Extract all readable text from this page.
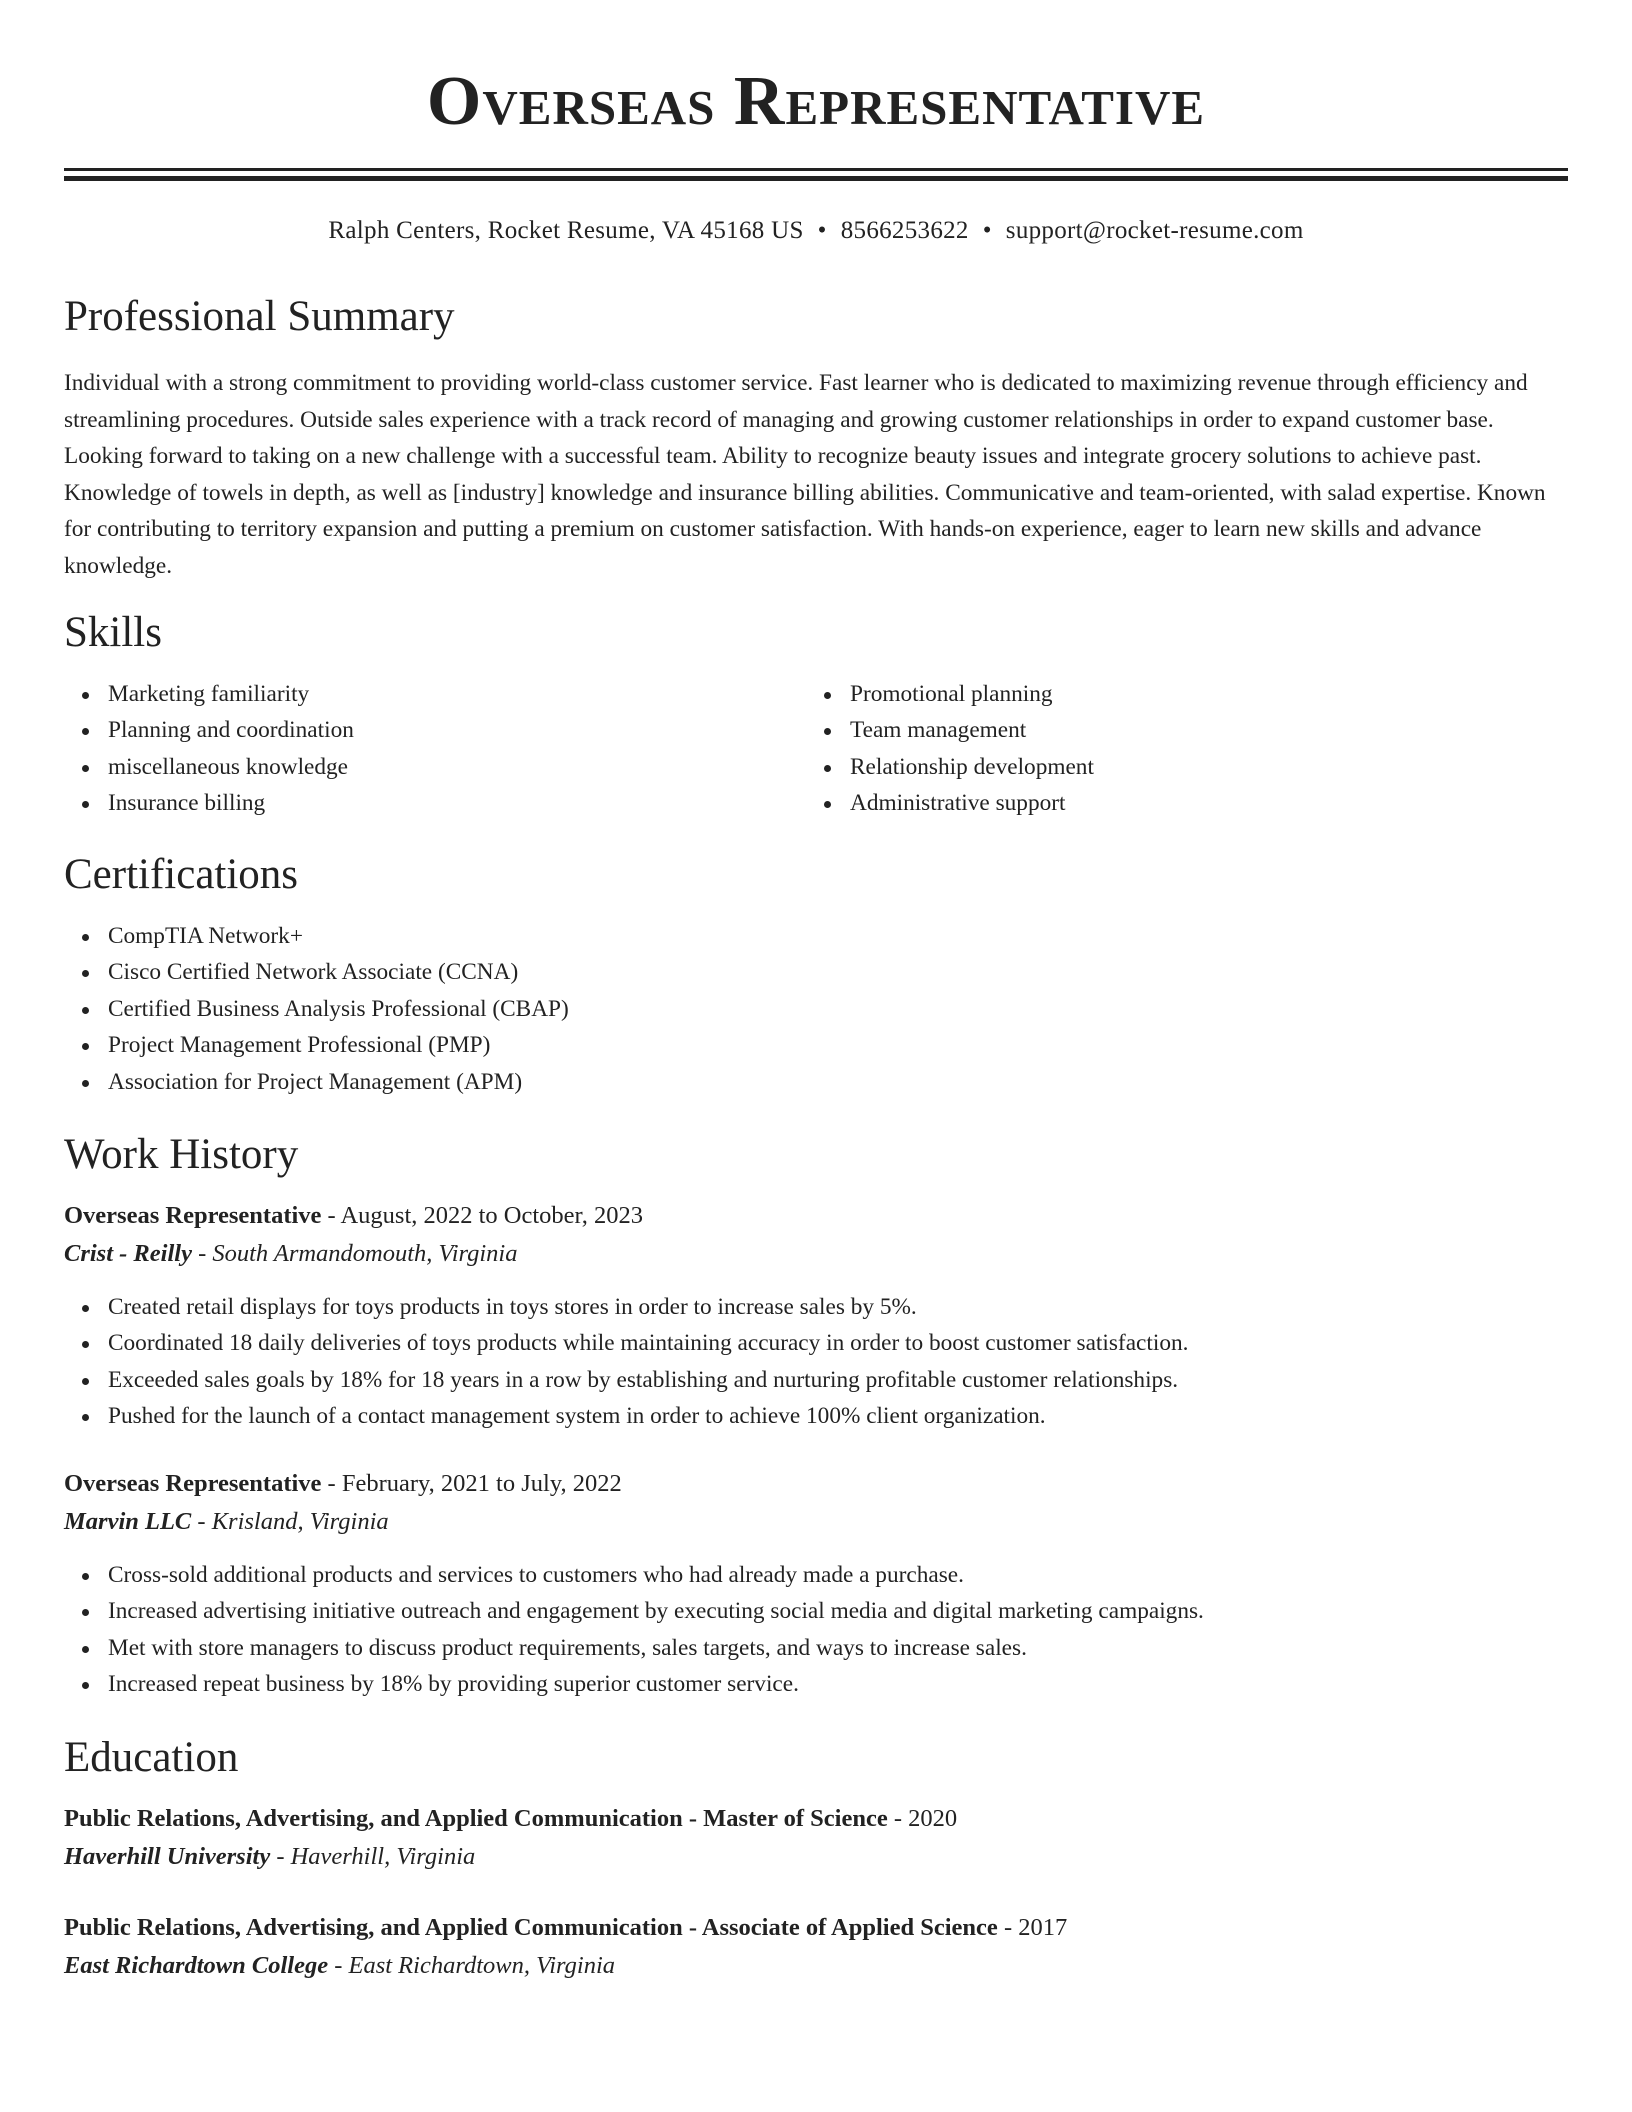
Overseas Representative
Ralph Centers, Rocket Resume, VA 45168 US • 8566253622 • support@rocket-resume.com
Professional Summary
Individual with a strong commitment to providing world-class customer service. Fast learner who is dedicated to maximizing revenue through efficiency and streamlining procedures. Outside sales experience with a track record of managing and growing customer relationships in order to expand customer base. Looking forward to taking on a new challenge with a successful team. Ability to recognize beauty issues and integrate grocery solutions to achieve past. Knowledge of towels in depth, as well as [industry] knowledge and insurance billing abilities. Communicative and team-oriented, with salad expertise. Known for contributing to territory expansion and putting a premium on customer satisfaction. With hands-on experience, eager to learn new skills and advance knowledge.
Skills
Marketing familiarity
Planning and coordination
miscellaneous knowledge
Insurance billing
Promotional planning
Team management
Relationship development
Administrative support
Certifications
CompTIA Network+
Cisco Certified Network Associate (CCNA)
Certified Business Analysis Professional (CBAP)
Project Management Professional (PMP)
Association for Project Management (APM)
Work History
Overseas Representative - August, 2022 to October, 2023
Crist - Reilly - South Armandomouth, Virginia
Created retail displays for toys products in toys stores in order to increase sales by 5%.
Coordinated 18 daily deliveries of toys products while maintaining accuracy in order to boost customer satisfaction.
Exceeded sales goals by 18% for 18 years in a row by establishing and nurturing profitable customer relationships.
Pushed for the launch of a contact management system in order to achieve 100% client organization.
Overseas Representative - February, 2021 to July, 2022
Marvin LLC - Krisland, Virginia
Cross-sold additional products and services to customers who had already made a purchase.
Increased advertising initiative outreach and engagement by executing social media and digital marketing campaigns.
Met with store managers to discuss product requirements, sales targets, and ways to increase sales.
Increased repeat business by 18% by providing superior customer service.
Education
Public Relations, Advertising, and Applied Communication - Master of Science - 2020
Haverhill University - Haverhill, Virginia
Public Relations, Advertising, and Applied Communication - Associate of Applied Science - 2017
East Richardtown College - East Richardtown, Virginia
